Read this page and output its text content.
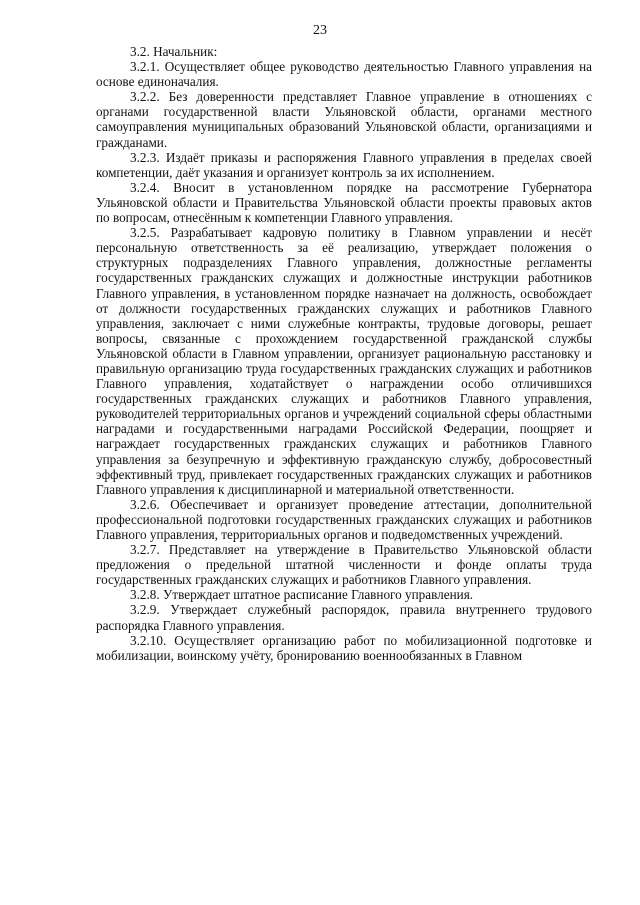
23

3.2. Начальник:

3.2.1. Осуществляет общее руководство деятельностью Главного управления на основе единоначалия.

3.2.2. Без доверенности представляет Главное управление в отношениях с органами государственной власти Ульяновской области, органами местного самоуправления муниципальных образований Ульяновской области, организациями и гражданами.

3.2.3. Издаёт приказы и распоряжения Главного управления в пределах своей компетенции, даёт указания и организует контроль за их исполнением.

3.2.4. Вносит в установленном порядке на рассмотрение Губернатора Ульяновской области и Правительства Ульяновской области проекты правовых актов по вопросам, отнесённым к компетенции Главного управления.

3.2.5. Разрабатывает кадровую политику в Главном управлении и несёт персональную ответственность за её реализацию, утверждает положения о структурных подразделениях Главного управления, должностные регламенты государственных гражданских служащих и должностные инструкции работников Главного управления, в установленном порядке назначает на должность, освобождает от должности государственных гражданских служащих и работников Главного управления, заключает с ними служебные контракты, трудовые договоры, решает вопросы, связанные с прохождением государственной гражданской службы Ульяновской области в Главном управлении, организует рациональную расстановку и правильную организацию труда государственных гражданских служащих и работников Главного управления, ходатайствует о награждении особо отличившихся государственных гражданских служащих и работников Главного управления, руководителей территориальных органов и учреждений социальной сферы областными наградами и государственными наградами Российской Федерации, поощряет и награждает государственных гражданских служащих и работников Главного управления за безупречную и эффективную гражданскую службу, добросовестный эффективный труд, привлекает государственных гражданских служащих и работников Главного управления к дисциплинарной и материальной ответственности.

3.2.6. Обеспечивает и организует проведение аттестации, дополнительной профессиональной подготовки государственных гражданских служащих и работников Главного управления, территориальных органов и подведомственных учреждений.

3.2.7. Представляет на утверждение в Правительство Ульяновской области предложения о предельной штатной численности и фонде оплаты труда государственных гражданских служащих и работников Главного управления.

3.2.8. Утверждает штатное расписание Главного управления.

3.2.9. Утверждает служебный распорядок, правила внутреннего трудового распорядка Главного управления.

3.2.10. Осуществляет организацию работ по мобилизационной подготовке и мобилизации, воинскому учёту, бронированию военнообязанных в Главном
